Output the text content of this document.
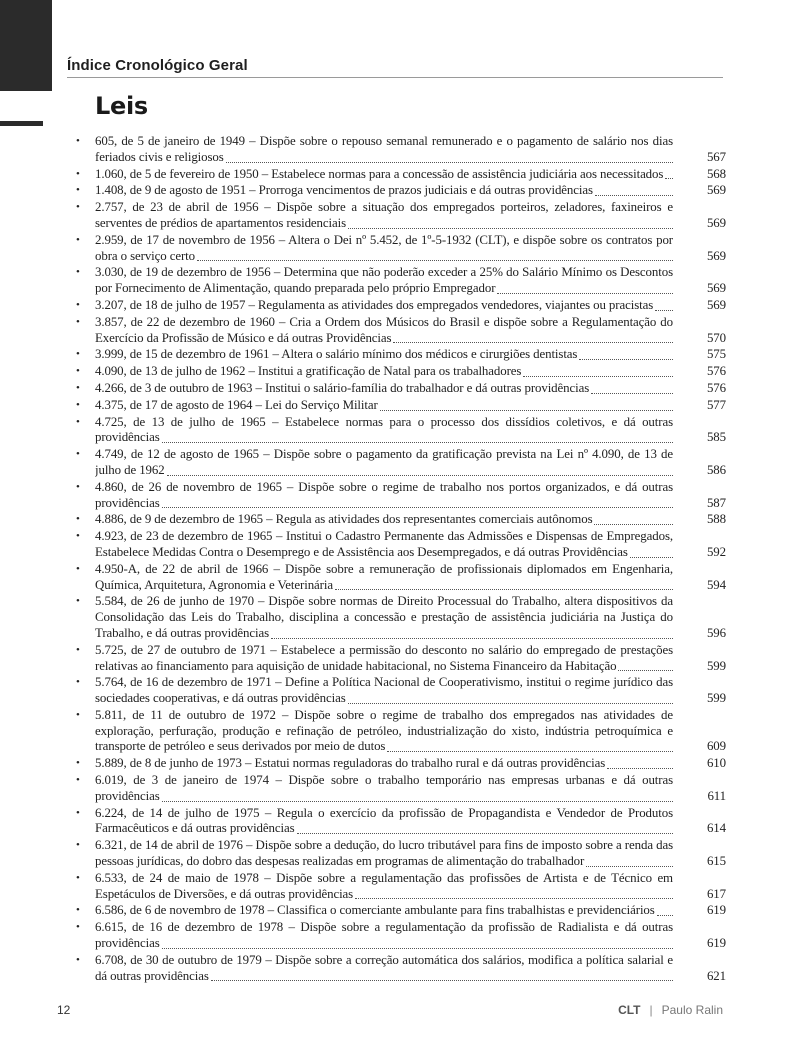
Índice Cronológico Geral
Leis
• 605, de 5 de janeiro de 1949 – Dispõe sobre o repouso semanal remunerado e o pagamento de salário nos dias feriados civis e religiosos	567
• 1.060, de 5 de fevereiro de 1950 – Estabelece normas para a concessão de assistência judiciária aos necessitados	568
• 1.408, de 9 de agosto de 1951 – Prorroga vencimentos de prazos judiciais e dá outras providências	569
• 2.757, de 23 de abril de 1956 – Dispõe sobre a situação dos empregados porteiros, zeladores, faxineiros e serventes de prédios de apartamentos residenciais	569
• 2.959, de 17 de novembro de 1956 – Altera o Dei nº 5.452, de 1º-5-1932 (CLT), e dispõe sobre os contratos por obra o serviço certo	569
• 3.030, de 19 de dezembro de 1956 – Determina que não poderão exceder a 25% do Salário Mínimo os Descontos por Fornecimento de Alimentação, quando preparada pelo próprio Empregador	569
• 3.207, de 18 de julho de 1957 – Regulamenta as atividades dos empregados vendedores, viajantes ou pracistas	569
• 3.857, de 22 de dezembro de 1960 – Cria a Ordem dos Músicos do Brasil e dispõe sobre a Regulamentação do Exercício da Profissão de Músico e dá outras Providências	570
• 3.999, de 15 de dezembro de 1961 – Altera o salário mínimo dos médicos e cirurgiões dentistas	575
• 4.090, de 13 de julho de 1962 – Institui a gratificação de Natal para os trabalhadores	576
• 4.266, de 3 de outubro de 1963 – Institui o salário-família do trabalhador e dá outras providências	576
• 4.375, de 17 de agosto de 1964 – Lei do Serviço Militar	577
• 4.725, de 13 de julho de 1965 – Estabelece normas para o processo dos dissídios coletivos, e dá outras providências	585
• 4.749, de 12 de agosto de 1965 – Dispõe sobre o pagamento da gratificação prevista na Lei nº 4.090, de 13 de julho de 1962	586
• 4.860, de 26 de novembro de 1965 – Dispõe sobre o regime de trabalho nos portos organizados, e dá outras providências	587
• 4.886, de 9 de dezembro de 1965 – Regula as atividades dos representantes comerciais autônomos	588
• 4.923, de 23 de dezembro de 1965 – Institui o Cadastro Permanente das Admissões e Dispensas de Empregados, Estabelece Medidas Contra o Desemprego e de Assistência aos Desempregados, e dá outras Providências	592
• 4.950-A, de 22 de abril de 1966 – Dispõe sobre a remuneração de profissionais diplomados em Engenharia, Química, Arquitetura, Agronomia e Veterinária	594
• 5.584, de 26 de junho de 1970 – Dispõe sobre normas de Direito Processual do Trabalho, altera dispositivos da Consolidação das Leis do Trabalho, disciplina a concessão e prestação de assistência judiciária na Justiça do Trabalho, e dá outras providências	596
• 5.725, de 27 de outubro de 1971 – Estabelece a permissão do desconto no salário do empregado de prestações relativas ao financiamento para aquisição de unidade habitacional, no Sistema Financeiro da Habitação	599
• 5.764, de 16 de dezembro de 1971 – Define a Política Nacional de Cooperativismo, institui o regime jurídico das sociedades cooperativas, e dá outras providências	599
• 5.811, de 11 de outubro de 1972 – Dispõe sobre o regime de trabalho dos empregados nas atividades de exploração, perfuração, produção e refinação de petróleo, industrialização do xisto, indústria petroquímica e transporte de petróleo e seus derivados por meio de dutos	609
• 5.889, de 8 de junho de 1973 – Estatui normas reguladoras do trabalho rural e dá outras providências	610
• 6.019, de 3 de janeiro de 1974 – Dispõe sobre o trabalho temporário nas empresas urbanas e dá outras providências	611
• 6.224, de 14 de julho de 1975 – Regula o exercício da profissão de Propagandista e Vendedor de Produtos Farmacêuticos e dá outras providências	614
• 6.321, de 14 de abril de 1976 – Dispõe sobre a dedução, do lucro tributável para fins de imposto sobre a renda das pessoas jurídicas, do dobro das despesas realizadas em programas de alimentação do trabalhador	615
• 6.533, de 24 de maio de 1978 – Dispõe sobre a regulamentação das profissões de Artista e de Técnico em Espetáculos de Diversões, e dá outras providências	617
• 6.586, de 6 de novembro de 1978 – Classifica o comerciante ambulante para fins trabalhistas e previdenciários	619
• 6.615, de 16 de dezembro de 1978 – Dispõe sobre a regulamentação da profissão de Radialista e dá outras providências	619
• 6.708, de 30 de outubro de 1979 – Dispõe sobre a correção automática dos salários, modifica a política salarial e dá outras providências	621
12	CLT | Paulo Ralin
